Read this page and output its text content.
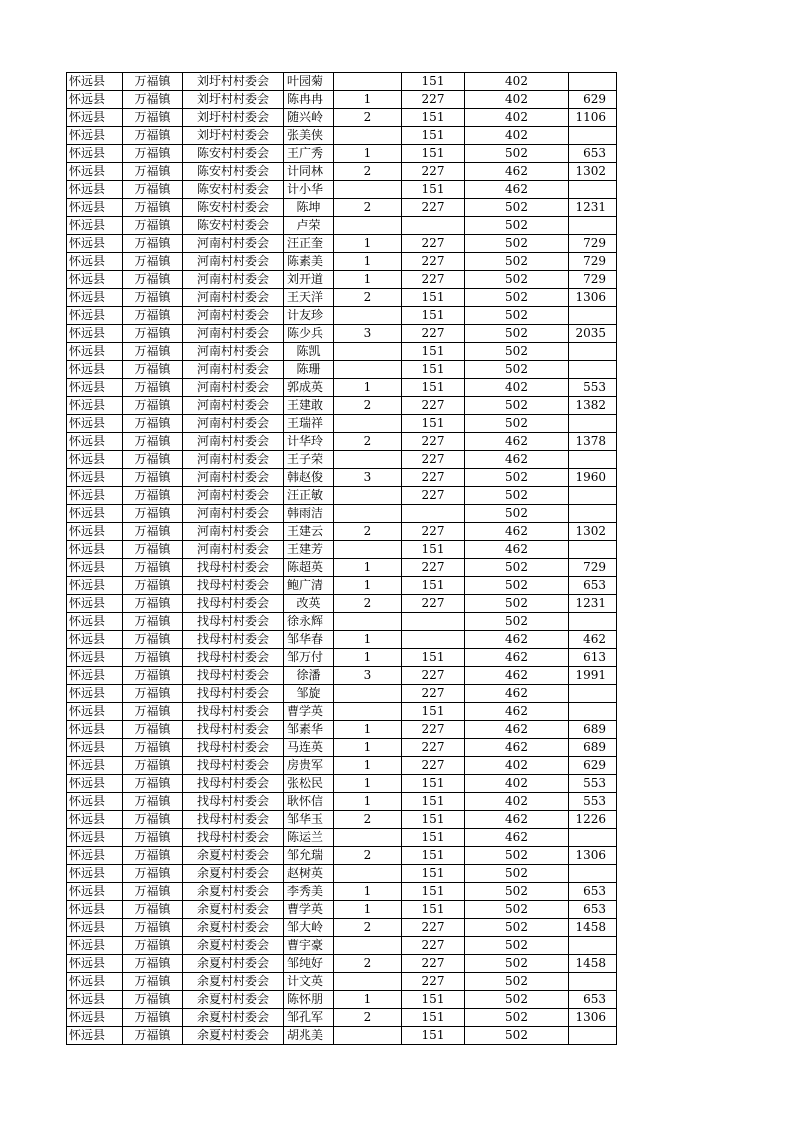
怀远县	万福镇	刘圩村村委会	叶园菊		151	402	
怀远县	万福镇	刘圩村村委会	陈冉冉	1	227	402	629
怀远县	万福镇	刘圩村村委会	随兴岭	2	151	402	1106
怀远县	万福镇	刘圩村村委会	张美侠		151	402	
怀远县	万福镇	陈安村村委会	王广秀	1	151	502	653
怀远县	万福镇	陈安村村委会	计同林	2	227	462	1302
怀远县	万福镇	陈安村村委会	计小华		151	462	
怀远县	万福镇	陈安村村委会	陈坤	2	227	502	1231
怀远县	万福镇	陈安村村委会	卢荣			502	
怀远县	万福镇	河南村村委会	汪正奎	1	227	502	729
怀远县	万福镇	河南村村委会	陈素美	1	227	502	729
怀远县	万福镇	河南村村委会	刘开道	1	227	502	729
怀远县	万福镇	河南村村委会	王天洋	2	151	502	1306
怀远县	万福镇	河南村村委会	计友珍		151	502	
怀远县	万福镇	河南村村委会	陈少兵	3	227	502	2035
怀远县	万福镇	河南村村委会	陈凯		151	502	
怀远县	万福镇	河南村村委会	陈珊		151	502	
怀远县	万福镇	河南村村委会	郭成英	1	151	402	553
怀远县	万福镇	河南村村委会	王建敢	2	227	502	1382
怀远县	万福镇	河南村村委会	王瑞祥		151	502	
怀远县	万福镇	河南村村委会	计华玲	2	227	462	1378
怀远县	万福镇	河南村村委会	王子荣		227	462	
怀远县	万福镇	河南村村委会	韩赵俊	3	227	502	1960
怀远县	万福镇	河南村村委会	汪正敏		227	502	
怀远县	万福镇	河南村村委会	韩雨洁			502	
怀远县	万福镇	河南村村委会	王建云	2	227	462	1302
怀远县	万福镇	河南村村委会	王建芳		151	462	
怀远县	万福镇	找母村村委会	陈超英	1	227	502	729
怀远县	万福镇	找母村村委会	鲍广清	1	151	502	653
怀远县	万福镇	找母村村委会	改英	2	227	502	1231
怀远县	万福镇	找母村村委会	徐永辉			502	
怀远县	万福镇	找母村村委会	邹华春	1		462	462
怀远县	万福镇	找母村村委会	邹万付	1	151	462	613
怀远县	万福镇	找母村村委会	徐潘	3	227	462	1991
怀远县	万福镇	找母村村委会	邹旋		227	462	
怀远县	万福镇	找母村村委会	曹学英		151	462	
怀远县	万福镇	找母村村委会	邹素华	1	227	462	689
怀远县	万福镇	找母村村委会	马连英	1	227	462	689
怀远县	万福镇	找母村村委会	房贵军	1	227	402	629
怀远县	万福镇	找母村村委会	张松民	1	151	402	553
怀远县	万福镇	找母村村委会	耿怀信	1	151	402	553
怀远县	万福镇	找母村村委会	邹华玉	2	151	462	1226
怀远县	万福镇	找母村村委会	陈运兰		151	462	
怀远县	万福镇	余夏村村委会	邹允瑞	2	151	502	1306
怀远县	万福镇	余夏村村委会	赵树英		151	502	
怀远县	万福镇	余夏村村委会	李秀美	1	151	502	653
怀远县	万福镇	余夏村村委会	曹学英	1	151	502	653
怀远县	万福镇	余夏村村委会	邹大岭	2	227	502	1458
怀远县	万福镇	余夏村村委会	曹宇豪		227	502	
怀远县	万福镇	余夏村村委会	邹纯好	2	227	502	1458
怀远县	万福镇	余夏村村委会	计文英		227	502	
怀远县	万福镇	余夏村村委会	陈怀朋	1	151	502	653
怀远县	万福镇	余夏村村委会	邹孔军	2	151	502	1306
怀远县	万福镇	余夏村村委会	胡兆美		151	502	
